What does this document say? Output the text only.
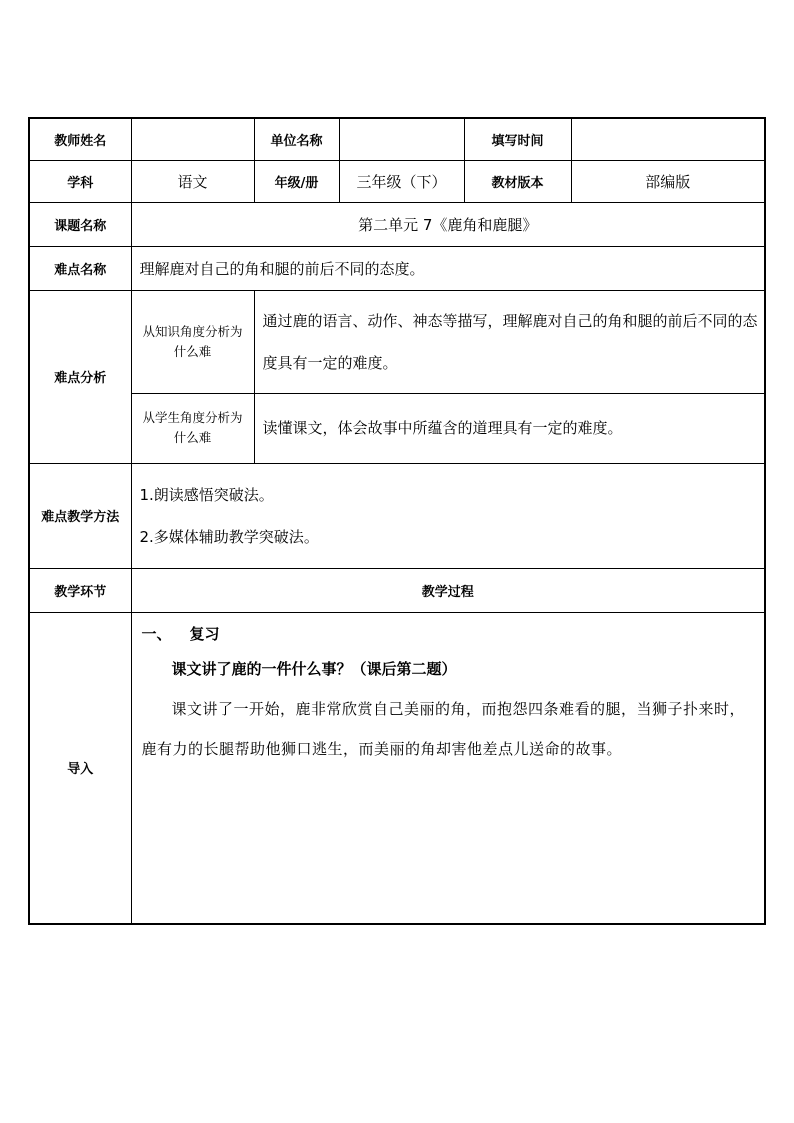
教师姓名		单位名称		填写时间	
学科	语文	年级/册	三年级（下）	教材版本	部编版
课题名称	第二单元 7《鹿角和鹿腿》				
难点名称	理解鹿对自己的角和腿的前后不同的态度。				
难点分析	从知识角度分析为什么难	通过鹿的语言、动作、神态等描写，理解鹿对自己的角和腿的前后不同的态度具有一定的难度。			

	从学生角度分析为什么难	读懂课文，体会故事中所蕴含的道理具有一定的难度。			

难点教学方法	1.朗读感悟突破法。

2.多媒体辅助教学突破法。				

教学环节	教学过程				
导入	一、 复习

课文讲了鹿的一件什么事？（课后第二题）

课文讲了一开始，鹿非常欣赏自己美丽的角，而抱怨四条难看的腿，当狮子扑来时，鹿有力的长腿帮助他狮口逃生，而美丽的角却害他差点儿送命的故事。				
